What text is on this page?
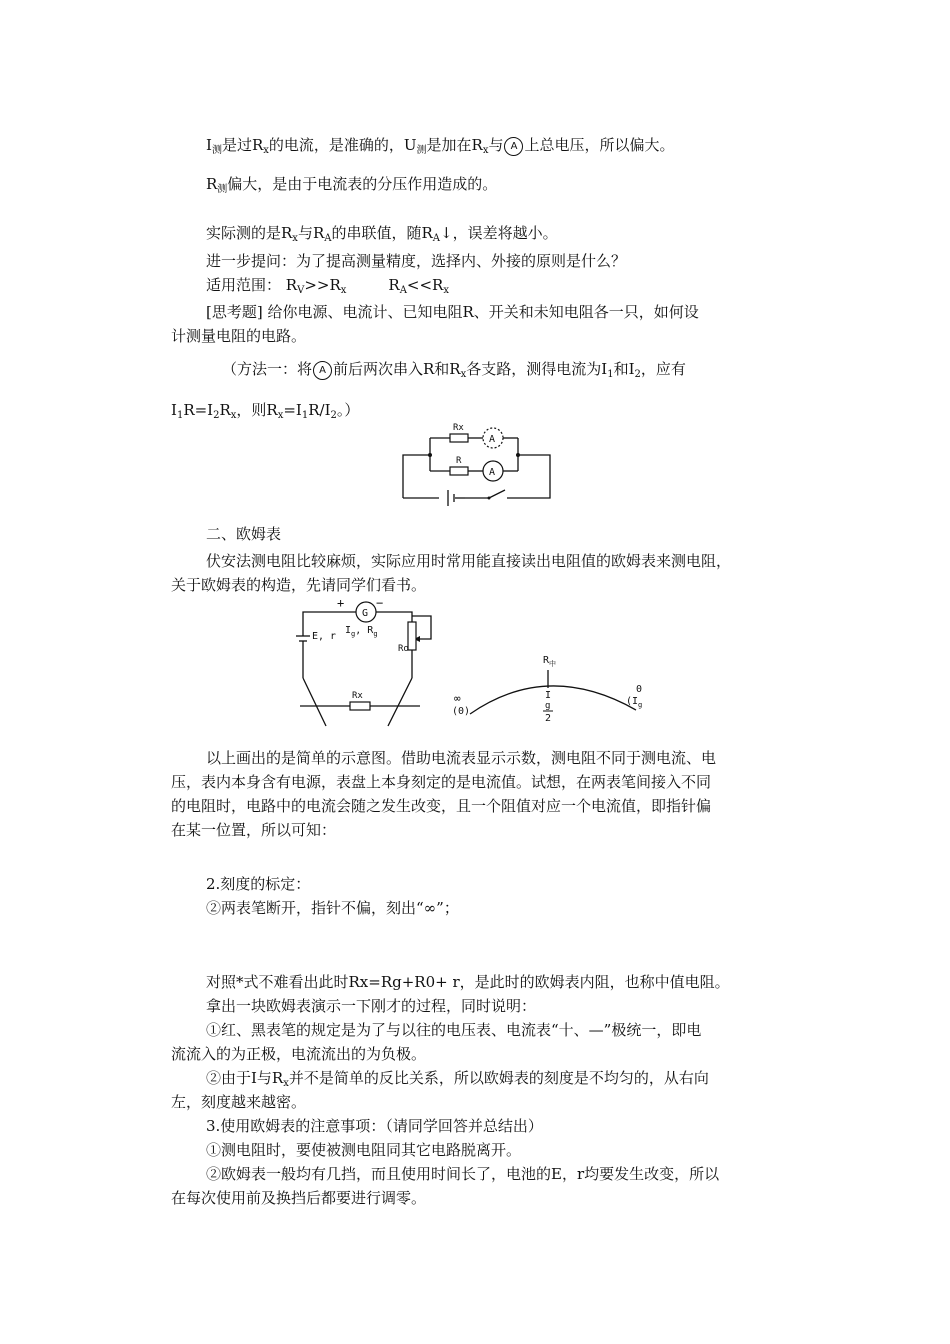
$I_测$是过$R_x$的电流，是准确的，$U_测$是加在$R_x$与 A 上总电压，所以偏大。
$R_测$偏大，是由于电流表的分压作用造成的。
实际测的是$R_x$与$R_A$的串联值，随$R_A↓$，误差将越小。
进一步提问：为了提高测量精度，选择内、外接的原则是什么？
适用范围： $R_V>>R_x$	$R_A<<R_x$
[思考题] 给你电源、电流计、已知电阻R、开关和未知电阻各一只，如何设
计测量电阻的电路。
（方法一：将 A 前后两次串入R和$R_x$各支路，测得电流为$I_1$和$I_2$，应有
$I_1R=I_2R_x$，则$R_x=I_1R/I_2$。）
Rx
R
A
A
二、欧姆表
伏安法测电阻比较麻烦，实际应用时常用能直接读出电阻值的欧姆表来测电阻，
关于欧姆表的构造，先请同学们看书。
+	−
G
E, r
$I_g$, $R_g$
Ro
Rx
$R_中$
∞
(0)
I
g
2
0
($I_g$
以上画出的是简单的示意图。借助电流表显示示数，测电阻不同于测电流、电
压，表内本身含有电源，表盘上本身刻定的是电流值。试想，在两表笔间接入不同
的电阻时，电路中的电流会随之发生改变，且一个阻值对应一个电流值，即指针偏
在某一位置，所以可知：
2.刻度的标定：
②两表笔断开，指针不偏，刻出“∞”；
对照*式不难看出此时Rx=Rg+R0+ r，是此时的欧姆表内阻，也称中值电阻。
拿出一块欧姆表演示一下刚才的过程，同时说明：
①红、黑表笔的规定是为了与以往的电压表、电流表“十、—”极统一，即电
流流入的为正极，电流流出的为负极。
②由于I与$R_x$并不是简单的反比关系，所以欧姆表的刻度是不均匀的，从右向
左，刻度越来越密。
3.使用欧姆表的注意事项：（请同学回答并总结出）
①测电阻时，要使被测电阻同其它电路脱离开。
②欧姆表一般均有几挡，而且使用时间长了，电池的E，r均要发生改变，所以
在每次使用前及换挡后都要进行调零。
